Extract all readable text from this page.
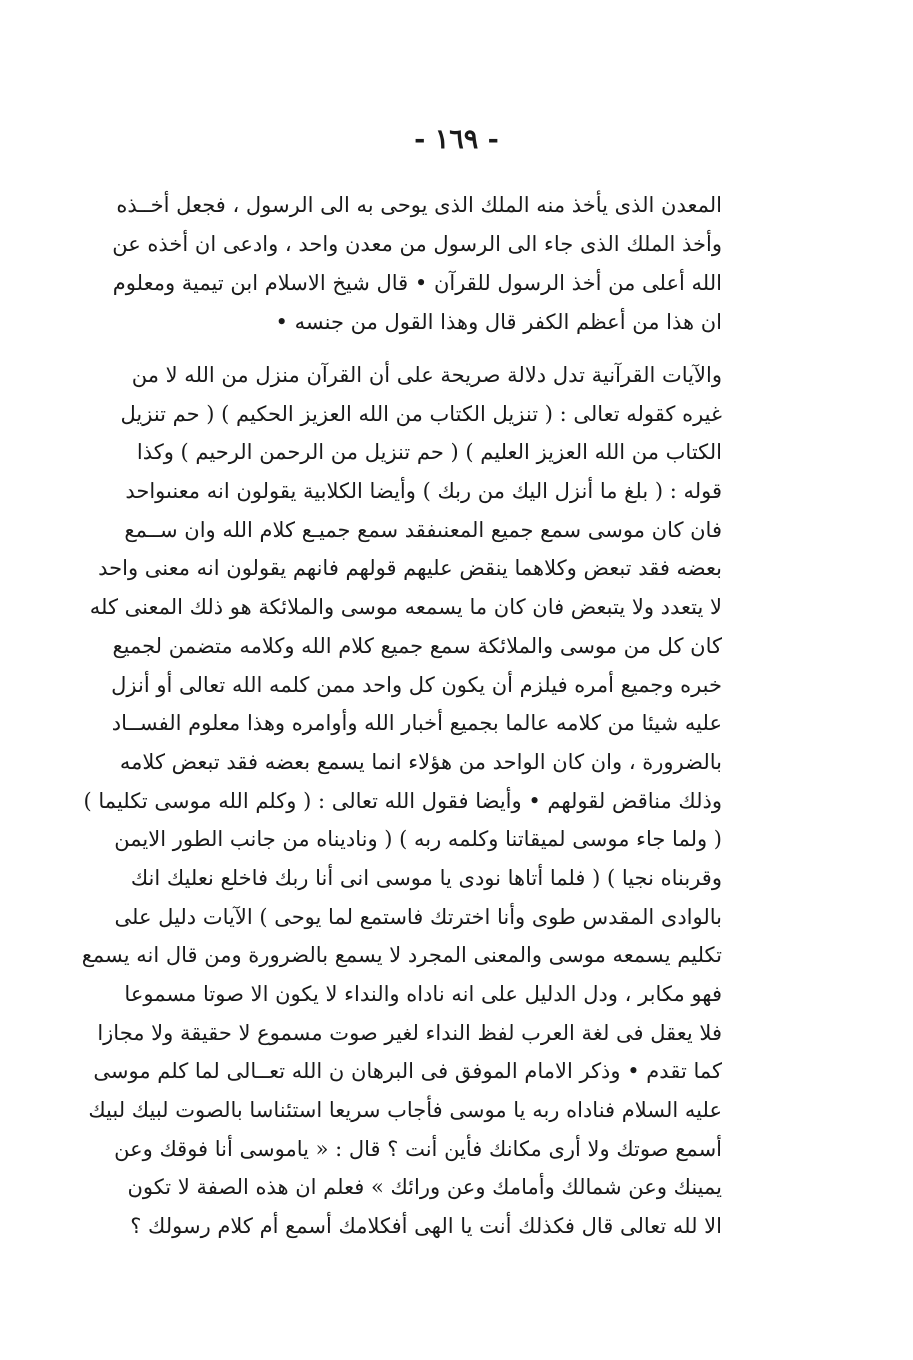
- ١٦٩ -
المعدن الذى يأخذ منه الملك الذى يوحى به الى الرسول ، فجعل أخــذه
وأخذ الملك الذى جاء الى الرسول من معدن واحد ، وادعى ان أخذه عن
الله أعلى من أخذ الرسول للقرآن • قال شيخ الاسلام ابن تيمية ومعلوم
ان هذا من أعظم الكفر قال وهذا القول من جنسه •
والآيات القرآنية تدل دلالة صريحة على أن القرآن منزل من الله لا من
غيره كقوله تعالى : ( تنزيل الكتاب من الله العزيز الحكيم ) ( حم تنزيل
الكتاب من الله العزيز العليم ) ( حم تنزيل من الرحمن الرحيم ) وكذا
قوله : ( بلغ ما أنزل اليك من ربك ) وأيضا الكلابية يقولون انه معنىواحد
فان كان موسى سمع جميع المعنىفقد سمع جميـع كلام الله وان ســمع
بعضه فقد تبعض وكلاهما ينقض عليهم قولهم فانهم يقولون انه معنى واحد
لا يتعدد ولا يتبعض فان كان ما يسمعه موسى والملائكة هو ذلك المعنى كله
كان كل من موسى والملائكة سمع جميع كلام الله وكلامه متضمن لجميع
خبره وجميع أمره فيلزم أن يكون كل واحد ممن كلمه الله تعالى أو أنزل
عليه شيئا من كلامه عالما بجميع أخبار الله وأوامره وهذا معلوم الفســاد
بالضرورة ، وان كان الواحد من هؤلاء انما يسمع بعضه فقد تبعض كلامه
وذلك مناقض لقولهم • وأيضا فقول الله تعالى : ( وكلم الله موسى تكليما )
( ولما جاء موسى لميقاتنا وكلمه ربه ) ( وناديناه من جانب الطور الايمن
وقربناه نجيا ) ( فلما أتاها نودى يا موسى انى أنا ربك فاخلع نعليك انك
بالوادى المقدس طوى وأنا اخترتك فاستمع لما يوحى ) الآيات دليل على
تكليم يسمعه موسى والمعنى المجرد لا يسمع بالضرورة ومن قال انه يسمع
فهو مكابر ، ودل الدليل على انه ناداه والنداء لا يكون الا صوتا مسموعا
فلا يعقل فى لغة العرب لفظ النداء لغير صوت مسموع لا حقيقة ولا مجازا
كما تقدم • وذكر الامام الموفق فى البرهان ن الله تعــالى لما كلم موسى
عليه السلام فناداه ربه يا موسى فأجاب سريعا استئناسا بالصوت لبيك لبيك
أسمع صوتك ولا أرى مكانك فأين أنت ؟ قال : « ياموسى أنا فوقك وعن
يمينك وعن شمالك وأمامك وعن ورائك » فعلم ان هذه الصفة لا تكون
الا لله تعالى قال فكذلك أنت يا الهى أفكلامك أسمع أم كلام رسولك ؟
